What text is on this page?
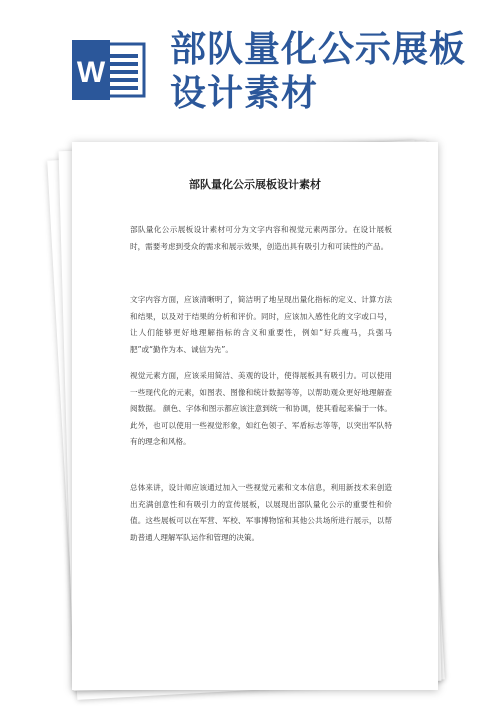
W
部队量化公示展板设计素材
部队量化公示展板设计素材

部队量化公示展板设计素材可分为文字内容和视觉元素两部分。在设计展板时，需要考虑到受众的需求和展示效果，创造出具有吸引力和可读性的产品。

文字内容方面，应该清晰明了，简洁明了地呈现出量化指标的定义、计算方法和结果，以及对于结果的分析和评价。同时，应该加入感性化的文字或口号，让人们能够更好地理解指标的含义和重要性，例如“好兵瘦马，兵强马肥”或“勤作为本、诚信为先”。

视觉元素方面，应该采用简洁、美观的设计，使得展板具有吸引力。可以使用一些现代化的元素，如图表、图像和统计数据等等，以帮助观众更好地理解查阅数据。 颜色、字体和图示都应该注意到统一和协调，使其看起来偏于一体。此外，也可以使用一些视觉形象，如红色领子、军盾标志等等，以突出军队特有的理念和风格。

总体来讲，设计师应该通过加入一些视觉元素和文本信息，利用新技术来创造出充满创意性和有吸引力的宣传展板，以展现出部队量化公示的重要性和价值。这些展板可以在军营、军校、军事博物馆和其他公共场所进行展示，以帮助普通人理解军队运作和管理的决策。
